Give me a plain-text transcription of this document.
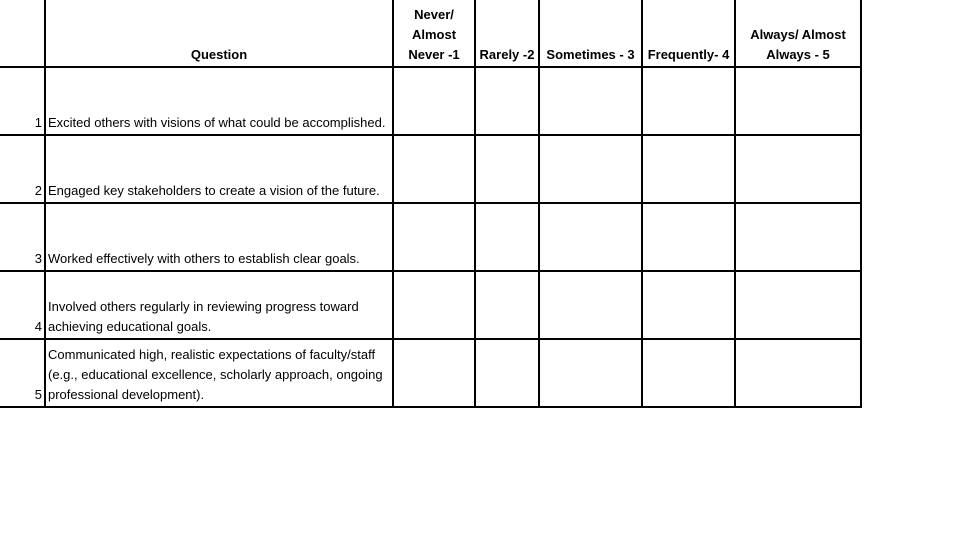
	Question	Never/ Almost Never -1	Rarely -2	Sometimes - 3	Frequently- 4	Always/ Almost Always - 5
1	Excited others with visions of what could be accomplished.					
2	Engaged key stakeholders to create a vision of the future.					
3	Worked effectively with others to establish clear goals.					
4	Involved others regularly in reviewing progress toward achieving educational goals.					
5	Communicated high, realistic expectations of faculty/staff (e.g., educational excellence, scholarly approach, ongoing professional development).					
